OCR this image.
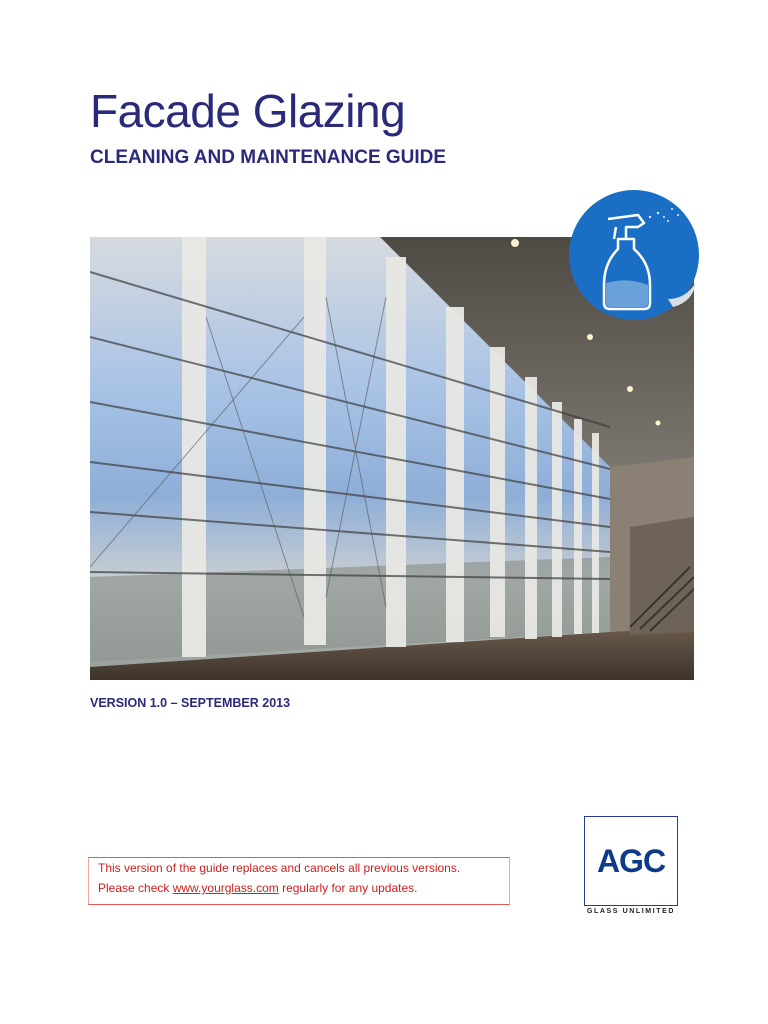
Facade Glazing
CLEANING AND MAINTENANCE GUIDE
VERSION 1.0 – SEPTEMBER 2013

This version of the guide replaces and cancels all previous versions.

Please check www.yourglass.com regularly for any updates.

AGC
GLASS UNLIMITED
